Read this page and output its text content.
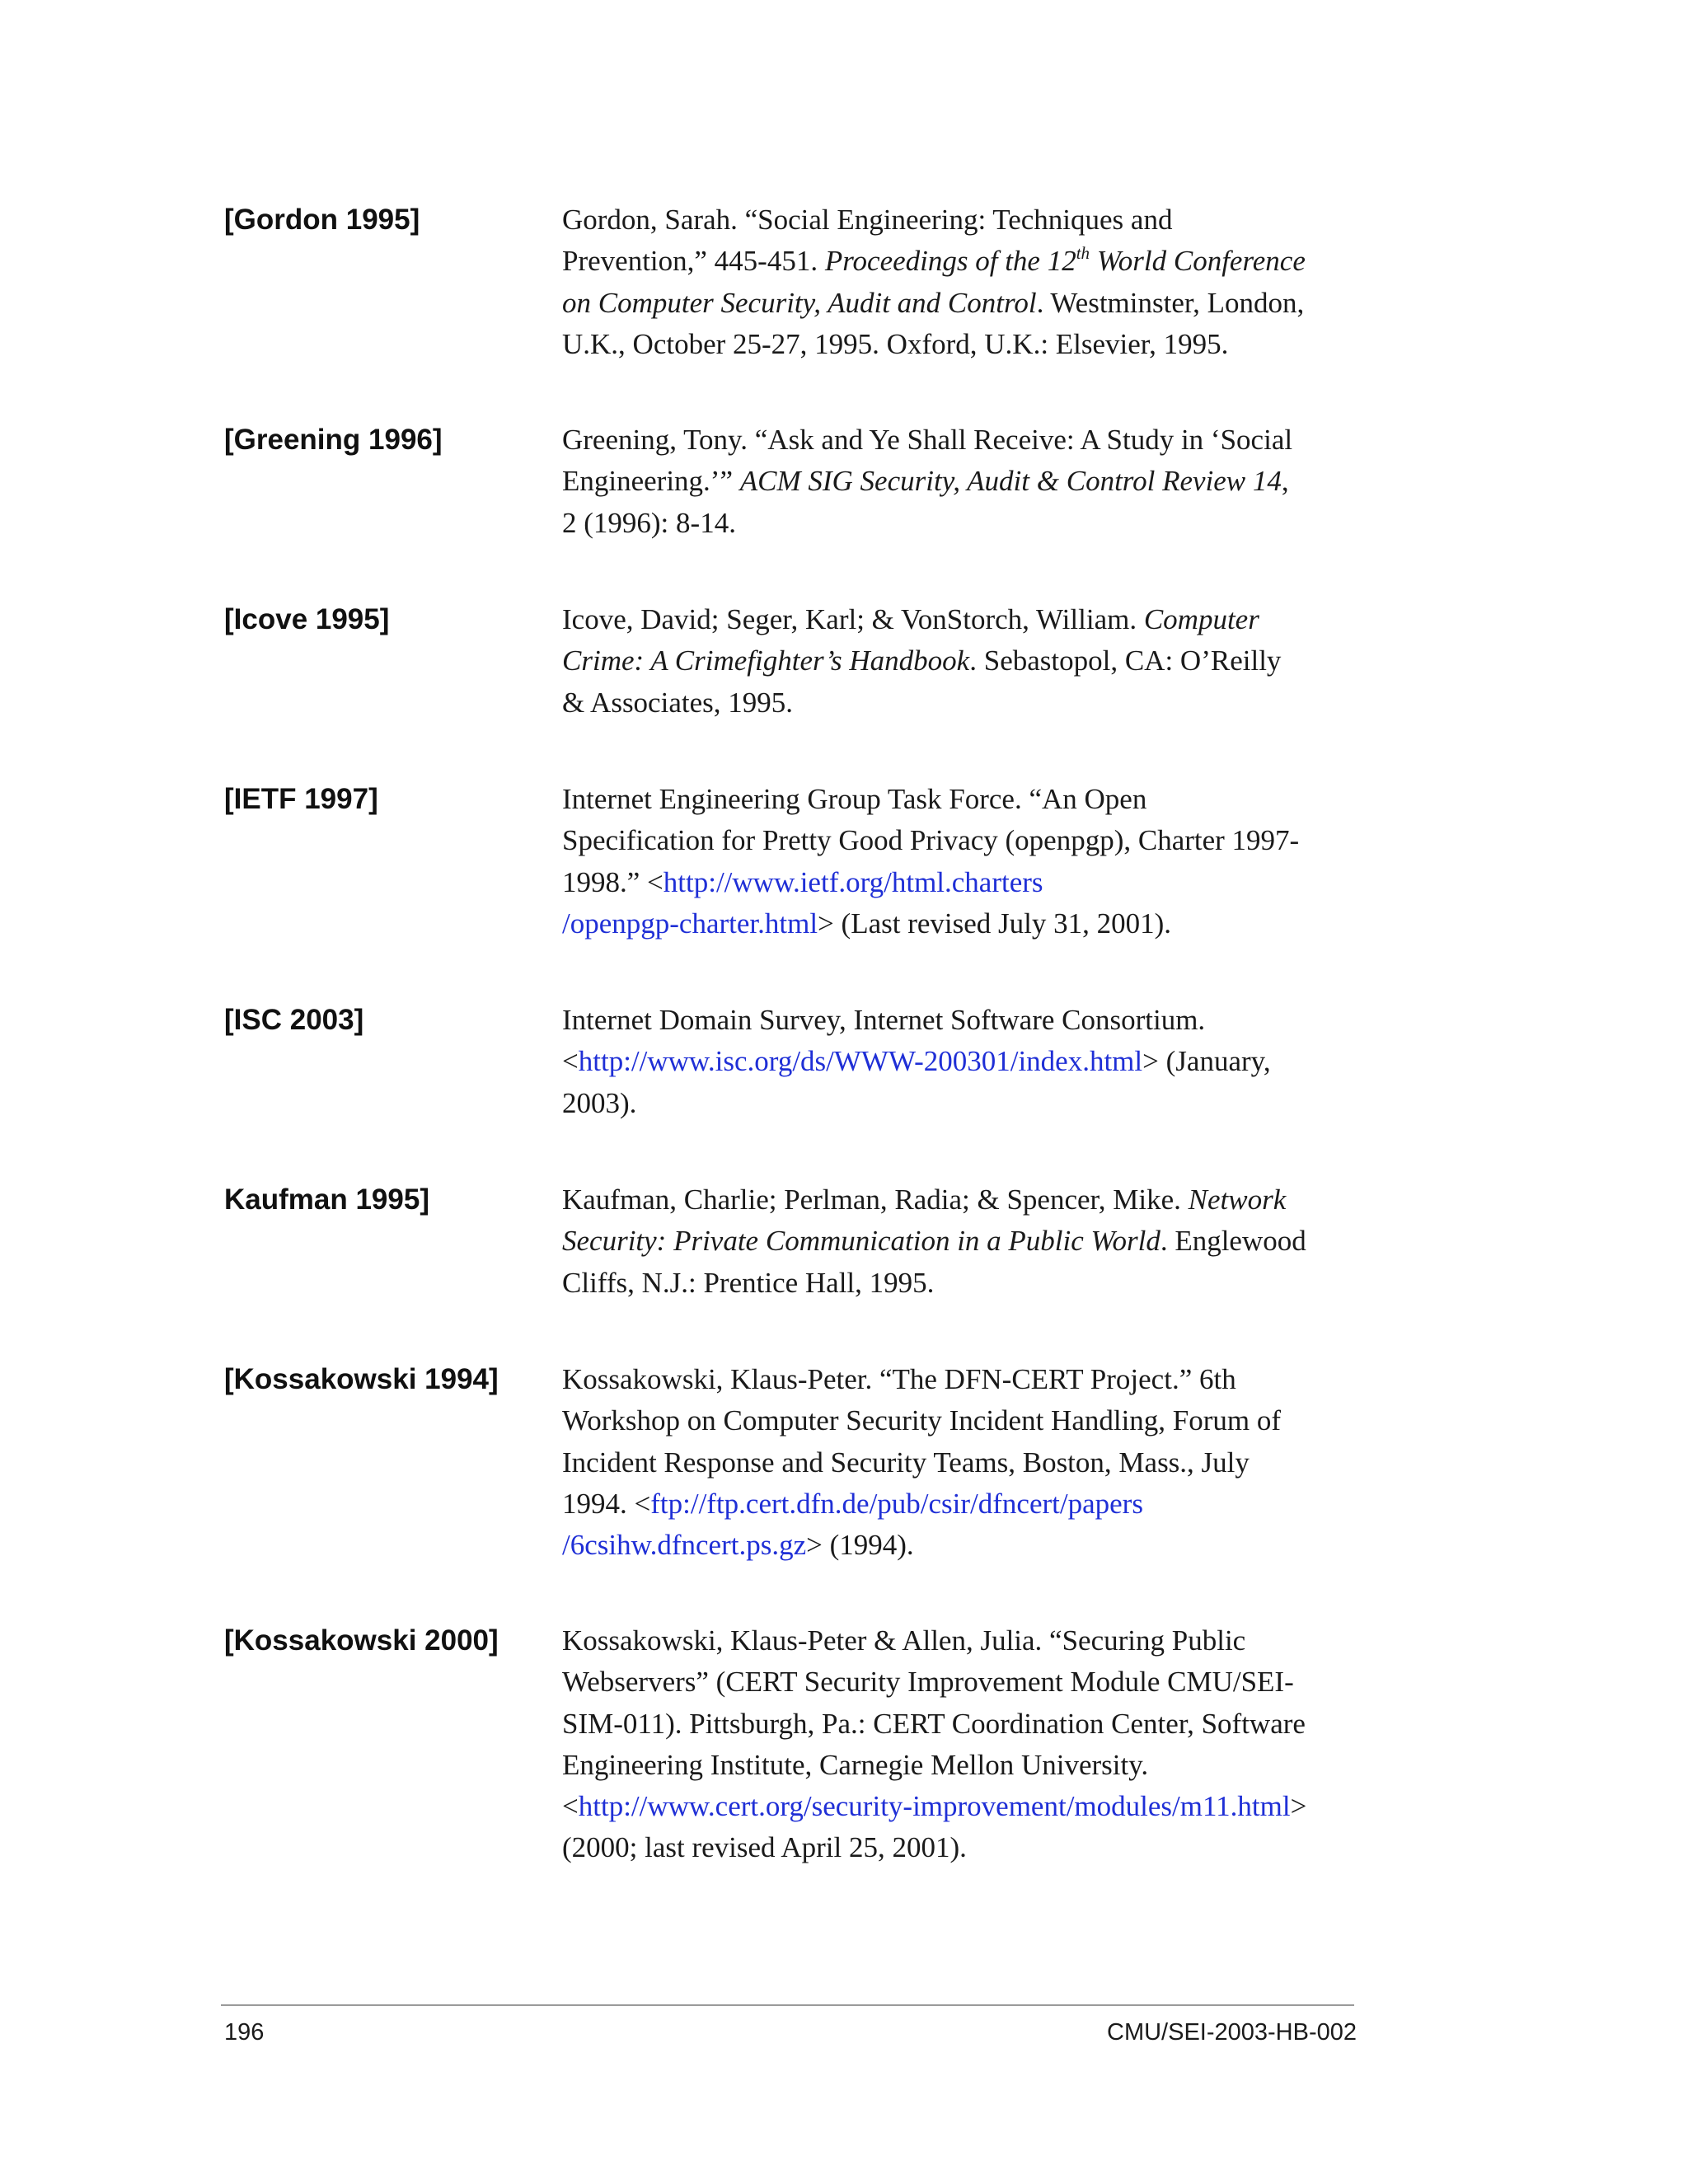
[Gordon 1995]	Gordon, Sarah. “Social Engineering: Techniques and
Prevention,” 445-451. Proceedings of the 12th World Conference
on Computer Security, Audit and Control. Westminster, London,
U.K., October 25-27, 1995. Oxford, U.K.: Elsevier, 1995.
[Greening 1996]	Greening, Tony. “Ask and Ye Shall Receive: A Study in ‘Social
Engineering.’” ACM SIG Security, Audit & Control Review 14,
2 (1996): 8-14.
[Icove 1995]	Icove, David; Seger, Karl; & VonStorch, William. Computer
Crime: A Crimefighter’s Handbook. Sebastopol, CA: O’Reilly
& Associates, 1995.
[IETF 1997]	Internet Engineering Group Task Force. “An Open
Specification for Pretty Good Privacy (openpgp), Charter 1997-
1998.” <http://www.ietf.org/html.charters
/openpgp-charter.html> (Last revised July 31, 2001).
[ISC 2003]	Internet Domain Survey, Internet Software Consortium.
<http://www.isc.org/ds/WWW-200301/index.html> (January,
2003).
Kaufman 1995]	Kaufman, Charlie; Perlman, Radia; & Spencer, Mike. Network
Security: Private Communication in a Public World. Englewood
Cliffs, N.J.: Prentice Hall, 1995.
[Kossakowski 1994] Kossakowski, Klaus-Peter. “The DFN-CERT Project.” 6th
Workshop on Computer Security Incident Handling, Forum of
Incident Response and Security Teams, Boston, Mass., July
1994. <ftp://ftp.cert.dfn.de/pub/csir/dfncert/papers
/6csihw.dfncert.ps.gz> (1994).
[Kossakowski 2000] Kossakowski, Klaus-Peter & Allen, Julia. “Securing Public
Webservers” (CERT Security Improvement Module CMU/SEI-
SIM-011). Pittsburgh, Pa.: CERT Coordination Center, Software
Engineering Institute, Carnegie Mellon University.
<http://www.cert.org/security-improvement/modules/m11.html>
(2000; last revised April 25, 2001).
196	CMU/SEI-2003-HB-002
